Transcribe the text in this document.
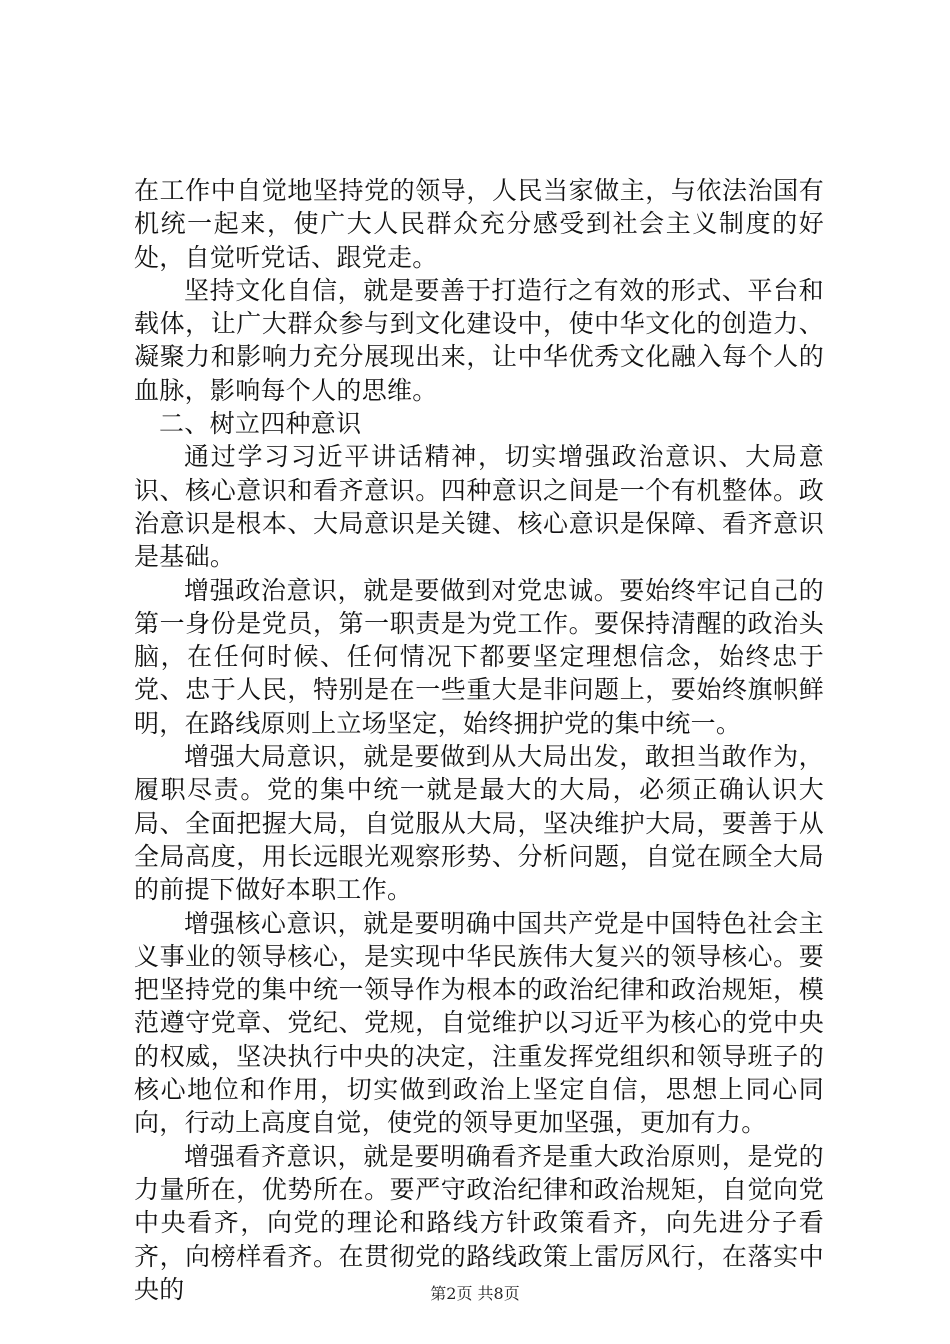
在工作中自觉地坚持党的领导，人民当家做主，与依法治国有机统一起来，使广大人民群众充分感受到社会主义制度的好处，自觉听党话、跟党走。

坚持文化自信，就是要善于打造行之有效的形式、平台和载体，让广大群众参与到文化建设中，使中华文化的创造力、凝聚力和影响力充分展现出来，让中华优秀文化融入每个人的血脉，影响每个人的思维。

二、树立四种意识

通过学习习近平讲话精神，切实增强政治意识、大局意识、核心意识和看齐意识。四种意识之间是一个有机整体。政治意识是根本、大局意识是关键、核心意识是保障、看齐意识是基础。

增强政治意识，就是要做到对党忠诚。要始终牢记自己的第一身份是党员，第一职责是为党工作。要保持清醒的政治头脑，在任何时候、任何情况下都要坚定理想信念，始终忠于党、忠于人民，特别是在一些重大是非问题上，要始终旗帜鲜明，在路线原则上立场坚定，始终拥护党的集中统一。

增强大局意识，就是要做到从大局出发，敢担当敢作为，履职尽责。党的集中统一就是最大的大局，必须正确认识大局、全面把握大局，自觉服从大局，坚决维护大局，要善于从全局高度，用长远眼光观察形势、分析问题，自觉在顾全大局的前提下做好本职工作。

增强核心意识，就是要明确中国共产党是中国特色社会主义事业的领导核心，是实现中华民族伟大复兴的领导核心。要把坚持党的集中统一领导作为根本的政治纪律和政治规矩，模范遵守党章、党纪、党规，自觉维护以习近平为核心的党中央的权威，坚决执行中央的决定，注重发挥党组织和领导班子的核心地位和作用，切实做到政治上坚定自信，思想上同心同向，行动上高度自觉，使党的领导更加坚强，更加有力。

增强看齐意识，就是要明确看齐是重大政治原则，是党的力量所在，优势所在。要严守政治纪律和政治规矩，自觉向党中央看齐，向党的理论和路线方针政策看齐，向先进分子看齐，向榜样看齐。在贯彻党的路线政策上雷厉风行，在落实中央的	第2页 共8页
